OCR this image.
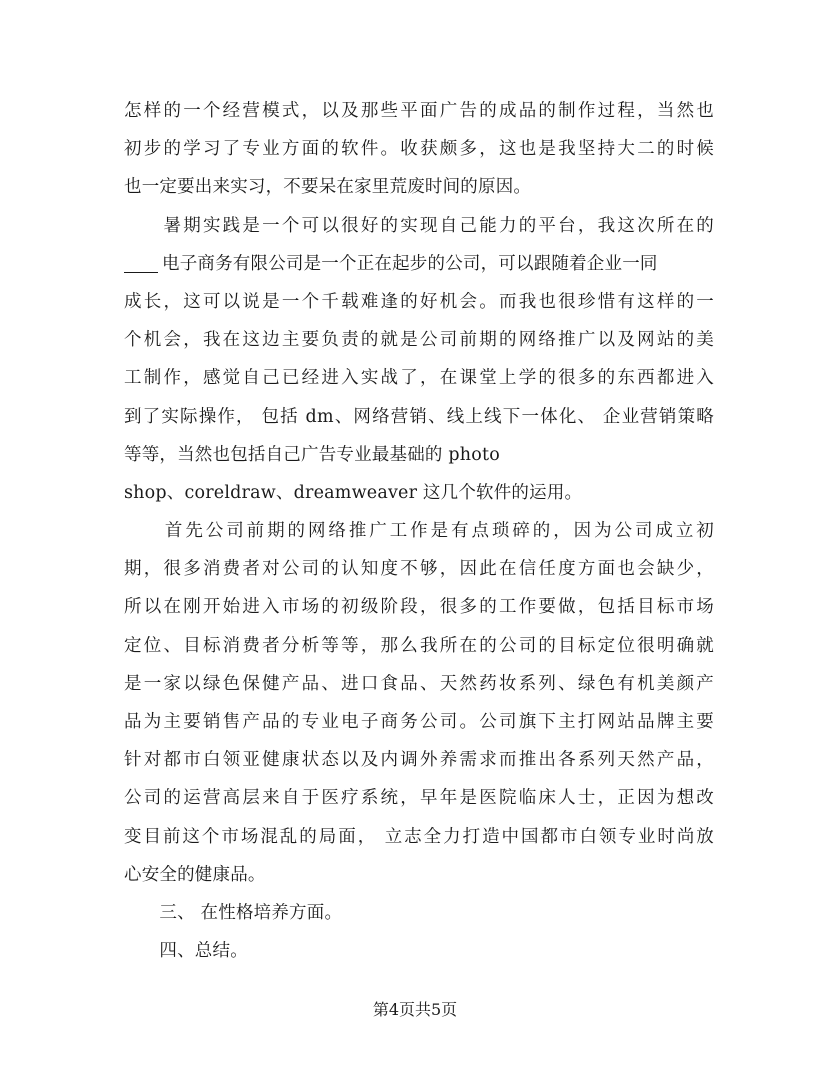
怎样的一个经营模式，以及那些平面广告的成品的制作过程，当然也
初步的学习了专业方面的软件。收获颇多，这也是我坚持大二的时候
也一定要出来实习，不要呆在家里荒废时间的原因。
　　暑期实践是一个可以很好的实现自己能力的平台，我这次所在的
电子商务有限公司是一个正在起步的公司，可以跟随着企业一同
成长，这可以说是一个千载难逢的好机会。而我也很珍惜有这样的一
个机会，我在这边主要负责的就是公司前期的网络推广以及网站的美
工制作，感觉自己已经进入实战了，在课堂上学的很多的东西都进入
到了实际操作， 包括 dm、网络营销、线上线下一体化、 企业营销策略
等等，当然也包括自己广告专业最基础的 photo
shop、coreldraw、dreamweaver 这几个软件的运用。
　　首先公司前期的网络推广工作是有点琐碎的，因为公司成立初
期，很多消费者对公司的认知度不够，因此在信任度方面也会缺少，
所以在刚开始进入市场的初级阶段，很多的工作要做，包括目标市场
定位、目标消费者分析等等，那么我所在的公司的目标定位很明确就
是一家以绿色保健产品、进口食品、天然药妆系列、绿色有机美颜产
品为主要销售产品的专业电子商务公司。公司旗下主打网站品牌主要
针对都市白领亚健康状态以及内调外养需求而推出各系列天然产品，
公司的运营高层来自于医疗系统，早年是医院临床人士，正因为想改
变目前这个市场混乱的局面， 立志全力打造中国都市白领专业时尚放
心安全的健康品。
　　三、 在性格培养方面。
　　四、总结。
第4页共5页
